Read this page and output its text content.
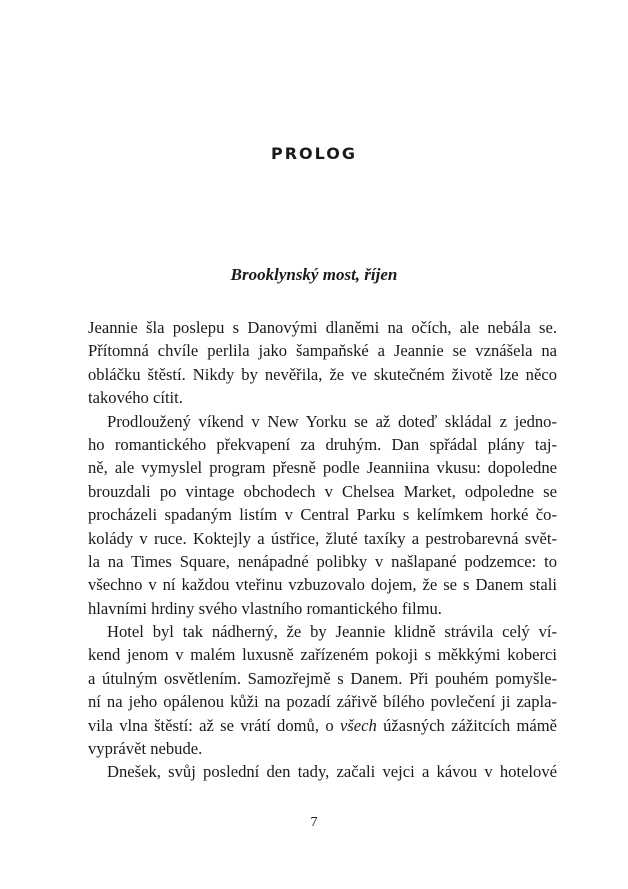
PROLOG
Brooklynský most, říjen
Jeannie šla poslepu s Danovými dlaněmi na očích, ale nebála se.
Přítomná chvíle perlila jako šampaňské a Jeannie se vznášela na
obláčku štěstí. Nikdy by nevěřila, že ve skutečném životě lze něco
takového cítit.
Prodloužený víkend v New Yorku se až doteď skládal z jedno-
ho romantického překvapení za druhým. Dan spřádal plány taj-
ně, ale vymyslel program přesně podle Jeanniina vkusu: dopoledne
brouzdali po vintage obchodech v Chelsea Market, odpoledne se
procházeli spadaným listím v Central Parku s kelímkem horké čo-
kolády v ruce. Koktejly a ústřice, žluté taxíky a pestrobarevná svět-
la na Times Square, nenápadné polibky v našlapané podzemce: to
všechno v ní každou vteřinu vzbuzovalo dojem, že se s Danem stali
hlavními hrdiny svého vlastního romantického filmu.
Hotel byl tak nádherný, že by Jeannie klidně strávila celý ví-
kend jenom v malém luxusně zařízeném pokoji s měkkými koberci
a útulným osvětlením. Samozřejmě s Danem. Při pouhém pomyšle-
ní na jeho opálenou kůži na pozadí zářivě bílého povlečení ji zapla-
vila vlna štěstí: až se vrátí domů, o všech úžasných zážitcích mámě
vyprávět nebude.
Dnešek, svůj poslední den tady, začali vejci a kávou v hotelové
7
